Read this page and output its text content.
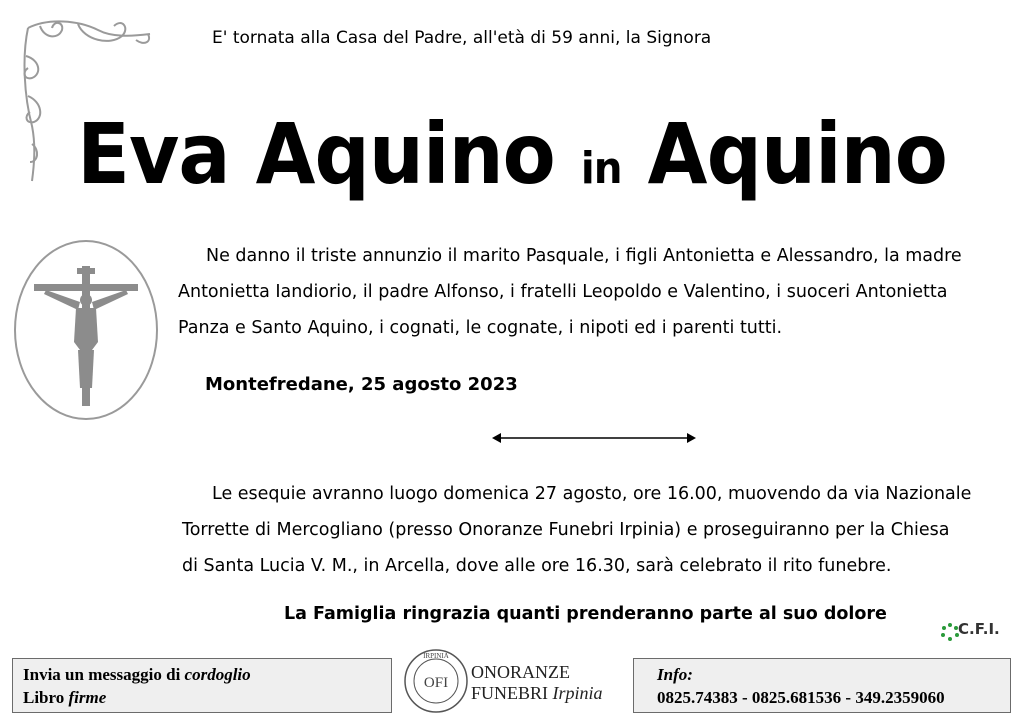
E' tornata alla Casa del Padre, all'età di 59 anni, la Signora
Eva Aquino in Aquino
Ne danno il triste annunzio il marito Pasquale, i figli Antonietta e Alessandro, la madre
Antonietta Iandiorio, il padre Alfonso, i fratelli Leopoldo e Valentino, i suoceri Antonietta
Panza e Santo Aquino, i cognati, le cognate, i nipoti ed i parenti tutti.
Montefredane, 25 agosto 2023
Le esequie avranno luogo domenica 27 agosto, ore 16.00, muovendo da via Nazionale
Torrette di Mercogliano (presso Onoranze Funebri Irpinia) e proseguiranno per la Chiesa
di Santa Lucia V. M., in Arcella, dove alle ore 16.30, sarà celebrato il rito funebre.
La Famiglia ringrazia quanti prenderanno parte al suo dolore
C.F.I.
Invia un messaggio di cordoglio
Libro firme
IRPINIA
OFI
ONORANZE
FUNEBRI Irpinia
Info:
0825.74383 - 0825.681536 - 349.2359060
